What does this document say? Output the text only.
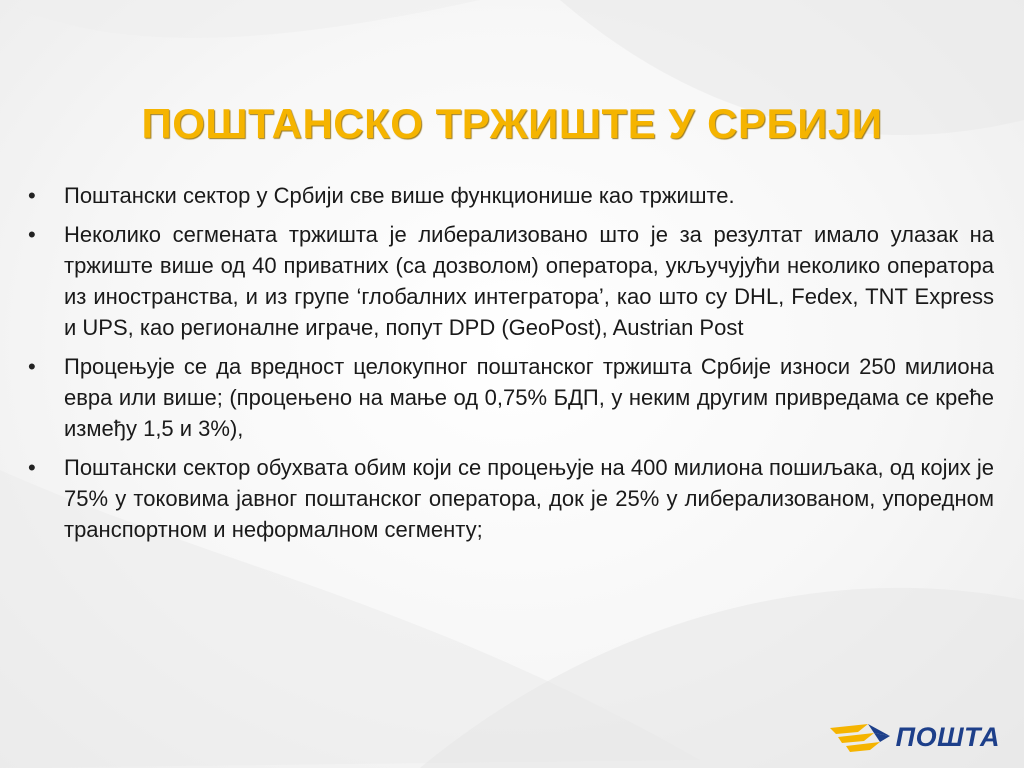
ПОШТАНСКО ТРЖИШТЕ У СРБИЈИ
•	Поштански сектор у Србији све више функционише као тржиште.
•	Неколико сегмената тржишта је либерализовано што је за резултат имало улазак на тржиште више од 40 приватних (са дозволом) оператора, укључујући неколико оператора из иностранства, и из групе ‘глобалних интегратора’, као што су DHL, Fedex, TNT Express и UPS, као регионалне играче, попут DPD (GeoPost), Austrian Post
•	Процењује се да вредност целокупног поштанског тржишта Србије износи 250 милиона евра или више; (процењено на мање од 0,75% БДП, у неким другим привредама се креће између 1,5 и 3%),
•	Поштански сектор обухвата обим који се процењује на 400 милиона пошиљака, од којих је 75% у токовима јавног поштанског оператора, док је 25% у либерализованом, упоредном транспортном и неформалном сегменту;
ПОШТА
